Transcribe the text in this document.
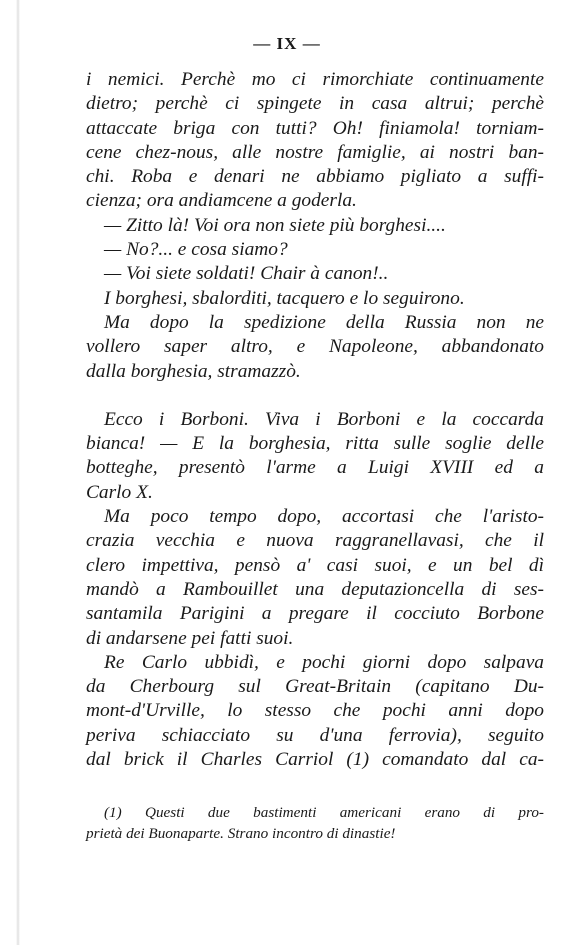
— IX —
i nemici. Perchè mo ci rimorchiate continuamente
dietro; perchè ci spingete in casa altrui; perchè
attaccate briga con tutti? Oh! finiamola! torniam-
cene chez-nous, alle nostre famiglie, ai nostri ban-
chi. Roba e denari ne abbiamo pigliato a suffi-
cienza; ora andiamcene a goderla.
— Zitto là! Voi ora non siete più borghesi....
— No?... e cosa siamo?
— Voi siete soldati! Chair à canon!..
I borghesi, sbalorditi, tacquero e lo seguirono.
Ma dopo la spedizione della Russia non ne
vollero saper altro, e Napoleone, abbandonato
dalla borghesia, stramazzò.
Ecco i Borboni. Viva i Borboni e la coccarda
bianca! — E la borghesia, ritta sulle soglie delle
botteghe, presentò l'arme a Luigi XVIII ed a
Carlo X.
Ma poco tempo dopo, accortasi che l'aristo-
crazia vecchia e nuova raggranellavasi, che il
clero impettiva, pensò a' casi suoi, e un bel dì
mandò a Rambouillet una deputazioncella di ses-
santamila Parigini a pregare il cocciuto Borbone
di andarsene pei fatti suoi.
Re Carlo ubbidì, e pochi giorni dopo salpava
da Cherbourg sul Great-Britain (capitano Du-
mont-d'Urville, lo stesso che pochi anni dopo
periva schiacciato su d'una ferrovia), seguito
dal brick il Charles Carriol (1) comandato dal ca-
(1) Questi due bastimenti americani erano di pro-
prietà dei Buonaparte. Strano incontro di dinastie!
